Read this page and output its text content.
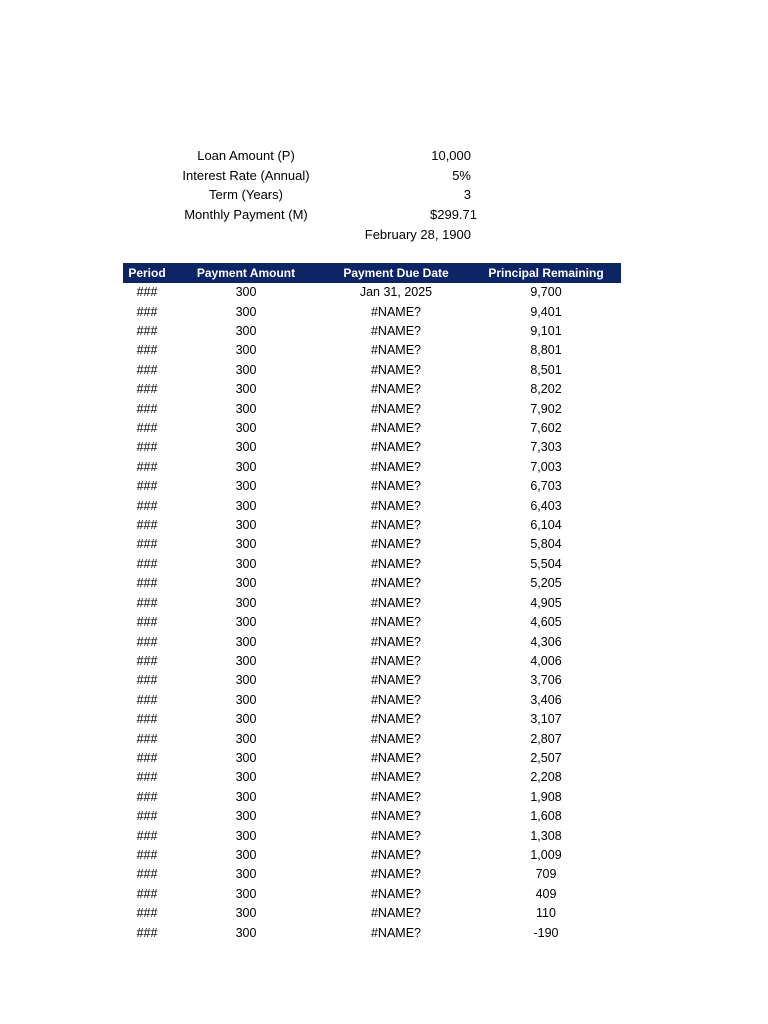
Loan Amount (P)	10,000
Interest Rate (Annual)	5%
Term (Years)	3
Monthly Payment (M)	$299.71
February 28, 1900
Period	Payment Amount	Payment Due Date	Principal Remaining
###	300	Jan 31, 2025	9,700
###	300	#NAME?	9,401
###	300	#NAME?	9,101
###	300	#NAME?	8,801
###	300	#NAME?	8,501
###	300	#NAME?	8,202
###	300	#NAME?	7,902
###	300	#NAME?	7,602
###	300	#NAME?	7,303
###	300	#NAME?	7,003
###	300	#NAME?	6,703
###	300	#NAME?	6,403
###	300	#NAME?	6,104
###	300	#NAME?	5,804
###	300	#NAME?	5,504
###	300	#NAME?	5,205
###	300	#NAME?	4,905
###	300	#NAME?	4,605
###	300	#NAME?	4,306
###	300	#NAME?	4,006
###	300	#NAME?	3,706
###	300	#NAME?	3,406
###	300	#NAME?	3,107
###	300	#NAME?	2,807
###	300	#NAME?	2,507
###	300	#NAME?	2,208
###	300	#NAME?	1,908
###	300	#NAME?	1,608
###	300	#NAME?	1,308
###	300	#NAME?	1,009
###	300	#NAME?	709
###	300	#NAME?	409
###	300	#NAME?	110
###	300	#NAME?	-190
